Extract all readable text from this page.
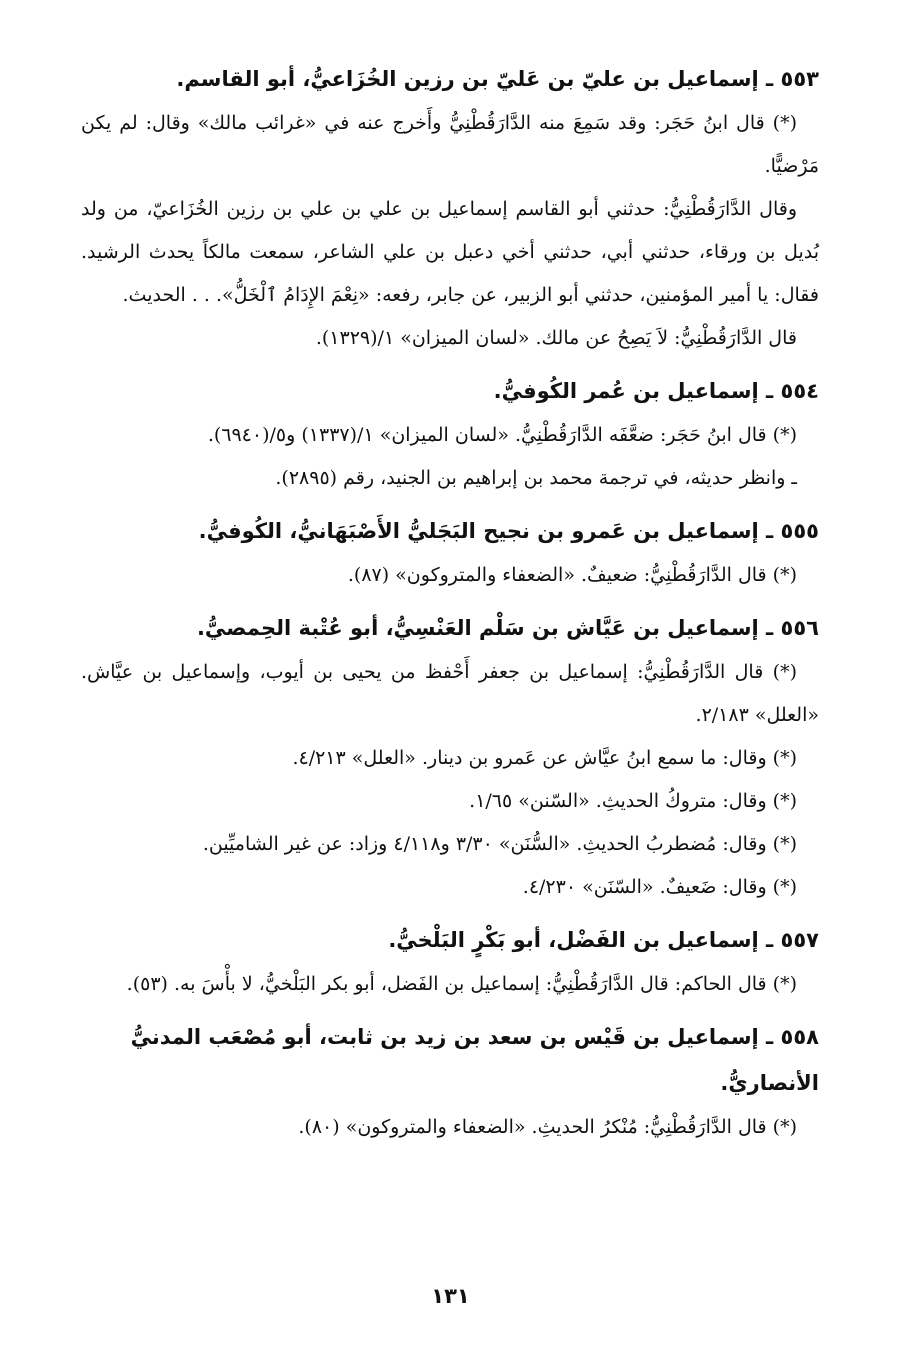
٥٥٣ ـ إسماعيل بن عليّ بن عَليّ بن رزين الخُزَاعيُّ، أبو القاسم.

(*) قال ابنُ حَجَر: وقد سَمِعَ منه الدَّارَقُطْنِيُّ وأَخرج عنه في «غرائب مالك» وقال: لم يكن مَرْضيًّا.

وقال الدَّارَقُطْنِيُّ: حدثني أبو القاسم إسماعيل بن علي بن علي بن رزين الخُزَاعيّ، من ولد بُديل بن ورقاء، حدثني أبي، حدثني أخي دعبل بن علي الشاعر، سمعت مالكاً يحدث الرشيد. فقال: يا أمير المؤمنين، حدثني أبو الزبير، عن جابر، رفعه: «نِعْمَ الإِدَامُ ٱلْخَلُّ». . . الحديث.

قال الدَّارَقُطْنِيُّ: لاَ يَصِحُ عن مالك. «لسان الميزان» ١/(١٣٢٩).

٥٥٤ ـ إسماعيل بن عُمر الكُوفيُّ.

(*) قال ابنُ حَجَر: ضعَّفَه الدَّارَقُطْنِيُّ. «لسان الميزان» ١/(١٣٣٧) و٥/(٦٩٤٠).

ـ وانظر حديثه، في ترجمة محمد بن إبراهيم بن الجنيد، رقم (٢٨٩٥).

٥٥٥ ـ إسماعيل بن عَمرو بن نجيح البَجَليُّ الأَصْبَهَانيُّ، الكُوفيُّ.

(*) قال الدَّارَقُطْنِيُّ: ضعيفٌ. «الضعفاء والمتروكون» (٨٧).

٥٥٦ ـ إسماعيل بن عَيَّاش بن سَلْم العَنْسِيُّ، أبو عُتْبة الحِمصيُّ.

(*) قال الدَّارَقُطْنِيُّ: إسماعيل بن جعفر أَحْفظ من يحيى بن أيوب، وإسماعيل بن عيَّاش. «العلل» ٢/١٨٣.

(*) وقال: ما سمع ابنُ عيَّاش عن عَمرو بن دينار. «العلل» ٤/٢١٣.

(*) وقال: متروكُ الحديثِ. «السّنن» ١/٦٥.

(*) وقال: مُضطربُ الحديثِ. «السُّنَن» ٣/٣٠ و٤/١١٨ وزاد: عن غير الشاميِّين.

(*) وقال: ضَعيفٌ. «السّنَن» ٤/٢٣٠.

٥٥٧ ـ إسماعيل بن الفَضْل، أبو بَكْرٍ البَلْخيُّ.

(*) قال الحاكم: قال الدَّارَقُطْنِيُّ: إسماعيل بن الفَضل، أبو بكر البَلْخيُّ، لا بأْسَ به. (٥٣).

٥٥٨ ـ إسماعيل بن قَيْس بن سعد بن زيد بن ثابت، أبو مُصْعَب المدنيُّ الأنصاريُّ.

(*) قال الدَّارَقُطْنِيُّ: مُنْكرُ الحديثِ. «الضعفاء والمتروكون» (٨٠).

١٣١
